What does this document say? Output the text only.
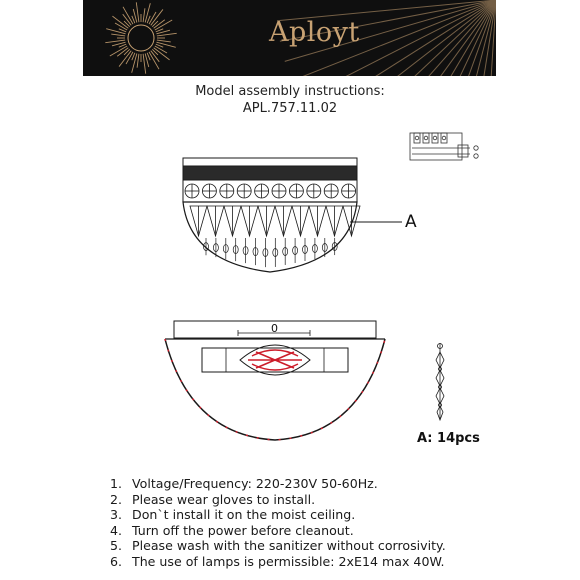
Aployt
Model assembly instructions:
APL.757.11.02
A
0
A: 14pcs
1. Voltage/Frequency: 220-230V 50-60Hz.
2. Please wear gloves to install.
3. Don`t install it on the moist ceiling.
4. Turn off the power before cleanout.
5. Please wash with the sanitizer without corrosivity.
6. The use of lamps is permissible: 2xE14 max 40W.
